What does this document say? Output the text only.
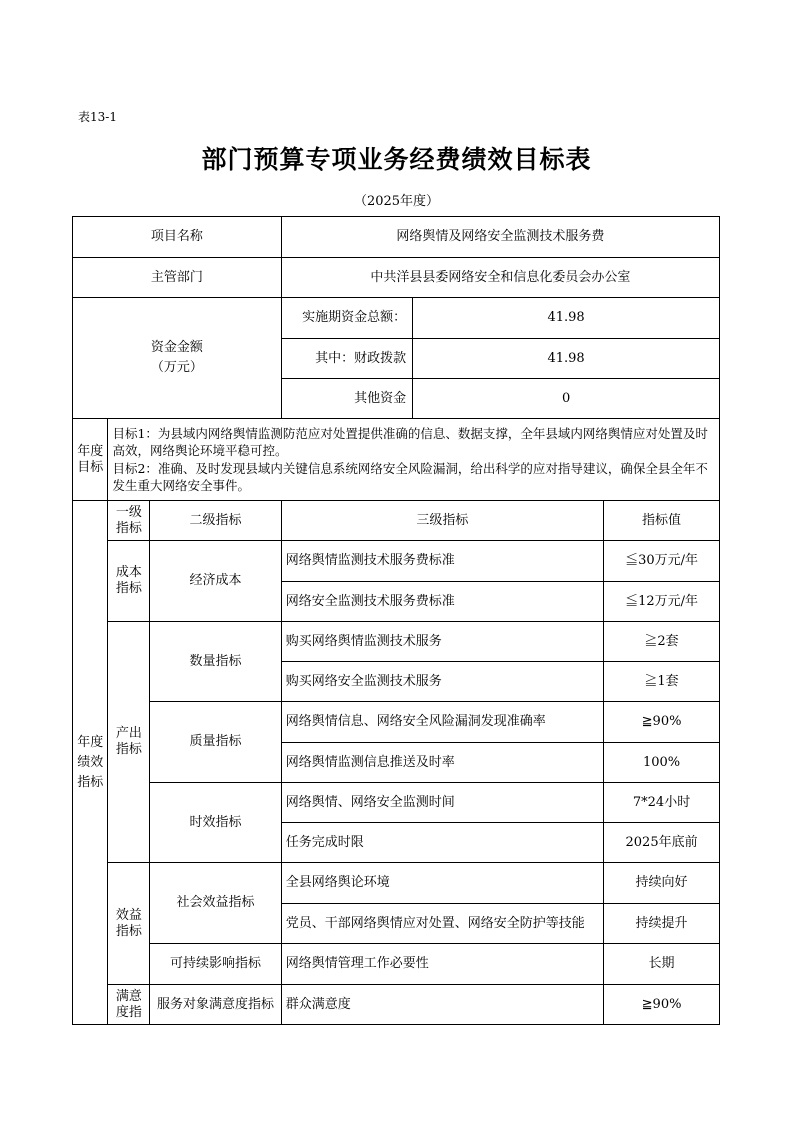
表13-1
部门预算专项业务经费绩效目标表
（2025年度）
项目名称			网络舆情及网络安全监测技术服务费		
主管部门			中共洋县县委网络安全和信息化委员会办公室		

资金金额
（万元）			实施期资金总额：	41.98	
			其中：财政拨款	41.98	
			其他资金	0	

年度目标	目标1：为县域内网络舆情监测防范应对处置提供准确的信息、数据支撑，全年县域内网络舆情应对处置及时高效，网络舆论环境平稳可控。
目标2：准确、及时发现县域内关键信息系统网络安全风险漏洞，给出科学的应对指导建议，确保全县全年不发生重大网络安全事件。				

年度绩效指标	一级指标	二级指标	三级指标		指标值
	成本指标	经济成本	网络舆情监测技术服务费标准		≦30万元/年
			网络安全监测技术服务费标准		≦12万元/年
	产出指标	数量指标	购买网络舆情监测技术服务		≧2套
			购买网络安全监测技术服务		≧1套
		质量指标	网络舆情信息、网络安全风险漏洞发现准确率		≧90%
			网络舆情监测信息推送及时率		100%
		时效指标	网络舆情、网络安全监测时间		7*24小时
			任务完成时限		2025年底前
	效益指标	社会效益指标	全县网络舆论环境		持续向好
			党员、干部网络舆情应对处置、网络安全防护等技能		持续提升
		可持续影响指标	网络舆情管理工作必要性		长期
	满意度指	服务对象满意度指标	群众满意度		≧90%
